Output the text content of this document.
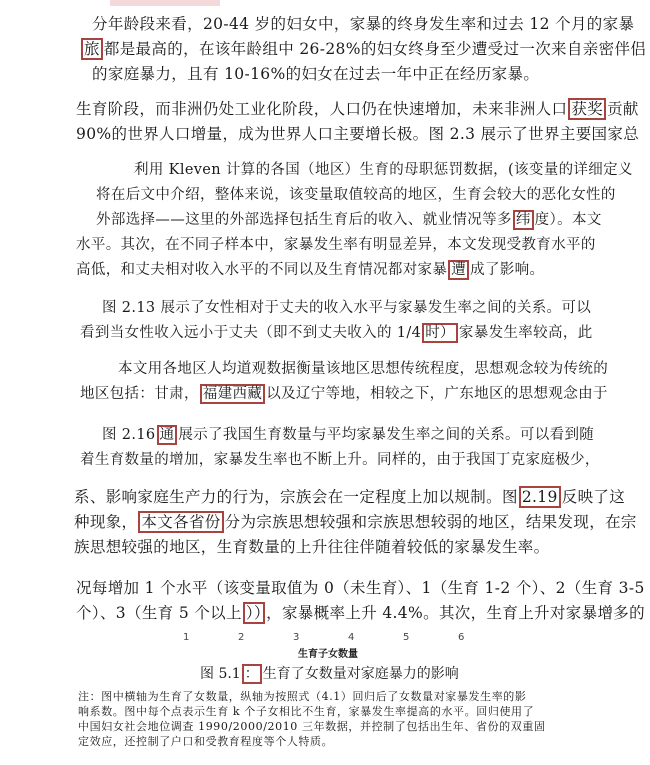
分年龄段来看，20-44 岁的妇女中，家暴的终身发生率和过去 12 个月的家暴
旅 都是最高的，在该年龄组中 26-28%的妇女终身至少遭受过一次来自亲密伴侣
的家庭暴力，且有 10-16%的妇女在过去一年中正在经历家暴。
生育阶段，而非洲仍处工业化阶段，人口仍在快速增加，未来非洲人口 获奖 贡献
90%的世界人口增量，成为世界人口主要增长极。图 2.3 展示了世界主要国家总
利用 Kleven 计算的各国（地区）生育的母职惩罚数据，(该变量的详细定义
将在后文中介绍，整体来说，该变量取值较高的地区，生育会较大的恶化女性的
外部选择——这里的外部选择包括生育后的收入、就业情况等多 纬 度）。本文
水平。其次，在不同子样本中，家暴发生率有明显差异，本文发现受教育水平的
高低，和丈夫相对收入水平的不同以及生育情况都对家暴 遭 成了影响。
图 2.13 展示了女性相对于丈夫的收入水平与家暴发生率之间的关系。可以
看到当女性收入远小于丈夫（即不到丈夫收入的 1/4 时） 家暴发生率较高，此
本文用各地区人均道观数据衡量该地区思想传统程度，思想观念较为传统的
地区包括：甘肃， 福建西藏 以及辽宁等地，相较之下，广东地区的思想观念由于
图 2.16 通 展示了我国生育数量与平均家暴发生率之间的关系。可以看到随
着生育数量的增加，家暴发生率也不断上升。同样的，由于我国丁克家庭极少，
系、影响家庭生产力的行为，宗族会在一定程度上加以规制。图 2.19 反映了这
种现象， 本文各省份 分为宗族思想较强和宗族思想较弱的地区，结果发现，在宗
族思想较强的地区，生育数量的上升往往伴随着较低的家暴发生率。
况每增加 1 个水平（该变量取值为 0（未生育）、1（生育 1-2 个）、2（生育 3-5
个）、3（生育 5 个以上 ）） ，家暴概率上升 4.4%。其次，生育上升对家暴增多的
1	2	3	4	5	6
生育子女数量
图 5.1 ： 生育了女数量对家庭暴力的影响
注：图中横轴为生育了女数量，纵轴为按照式（4.1）回归后了女数量对家暴发生率的影
响系数。图中每个点表示生育 k 个子女相比不生育，家暴发生率提高的水平。回归使用了
中国妇女社会地位调查 1990/2000/2010 三年数据，并控制了包括出生年、省份的双重固
定效应，还控制了户口和受教育程度等个人特质。
